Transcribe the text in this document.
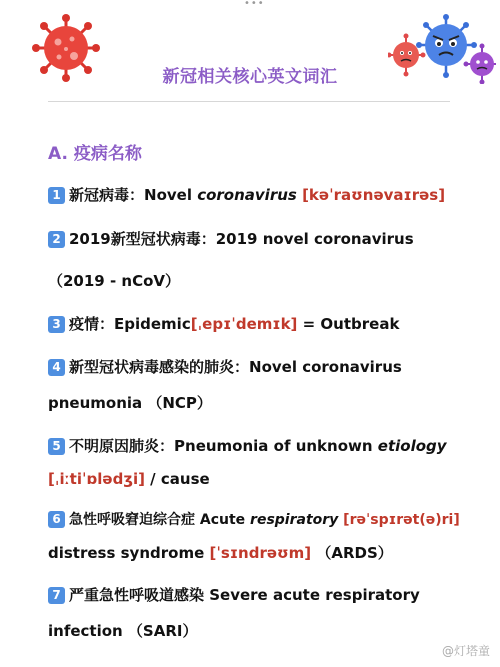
•••
新冠相关核心英文词汇
A. 疫病名称
1 新冠病毒：Novel coronavirus [kəˈraʊnəvaɪrəs]
2 2019新型冠状病毒：2019 novel coronavirus
（2019 - nCoV）
3 疫情：Epidemic[ˌepɪˈdemɪk] = Outbreak
4 新型冠状病毒感染的肺炎：Novel coronavirus
pneumonia （NCP）
5 不明原因肺炎：Pneumonia of unknown etiology
[ˌiːtiˈɒlədʒi] / cause
6 急性呼吸窘迫综合症 Acute respiratory [rəˈspɪrət(ə)ri]
distress syndrome [ˈsɪndrəʊm] （ARDS）
7 严重急性呼吸道感染 Severe acute respiratory
infection （SARI）
@灯塔童
